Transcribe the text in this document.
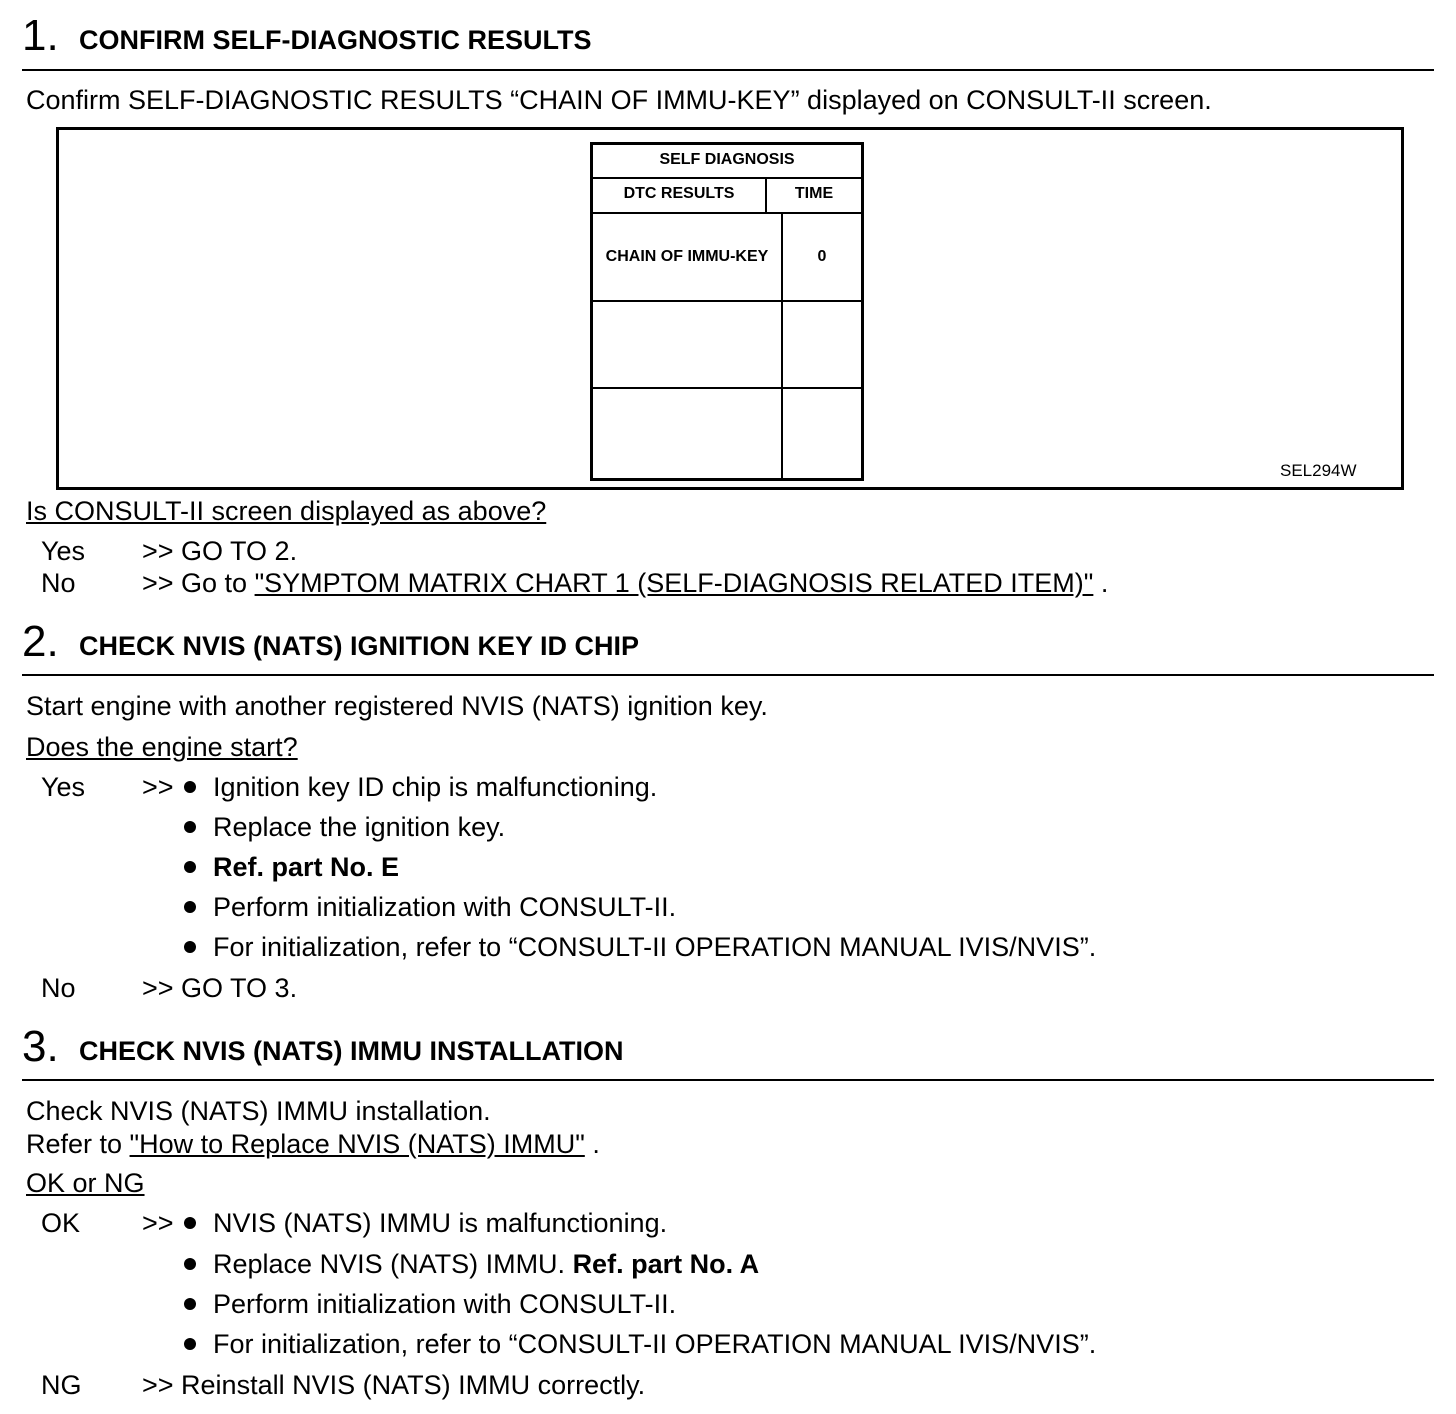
1. CONFIRM SELF-DIAGNOSTIC RESULTS
Confirm SELF-DIAGNOSTIC RESULTS “CHAIN OF IMMU-KEY” displayed on CONSULT-II screen.
SELF DIAGNOSIS
DTC RESULTS	TIME
CHAIN OF IMMU-KEY	0
SEL294W
Is CONSULT-II screen displayed as above?
Yes >> GO TO 2.
No >> Go to "SYMPTOM MATRIX CHART 1 (SELF-DIAGNOSIS RELATED ITEM)" .
2. CHECK NVIS (NATS) IGNITION KEY ID CHIP
Start engine with another registered NVIS (NATS) ignition key.
Does the engine start?
Yes >>	Ignition key ID chip is malfunctioning.
Replace the ignition key.
Ref. part No. E
Perform initialization with CONSULT-II.
For initialization, refer to “CONSULT-II OPERATION MANUAL IVIS/NVIS”.
No >> GO TO 3.
3. CHECK NVIS (NATS) IMMU INSTALLATION
Check NVIS (NATS) IMMU installation.
Refer to "How to Replace NVIS (NATS) IMMU" .
OK or NG
OK >>	NVIS (NATS) IMMU is malfunctioning.
Replace NVIS (NATS) IMMU. Ref. part No. A
Perform initialization with CONSULT-II.
For initialization, refer to “CONSULT-II OPERATION MANUAL IVIS/NVIS”.
NG >> Reinstall NVIS (NATS) IMMU correctly.
